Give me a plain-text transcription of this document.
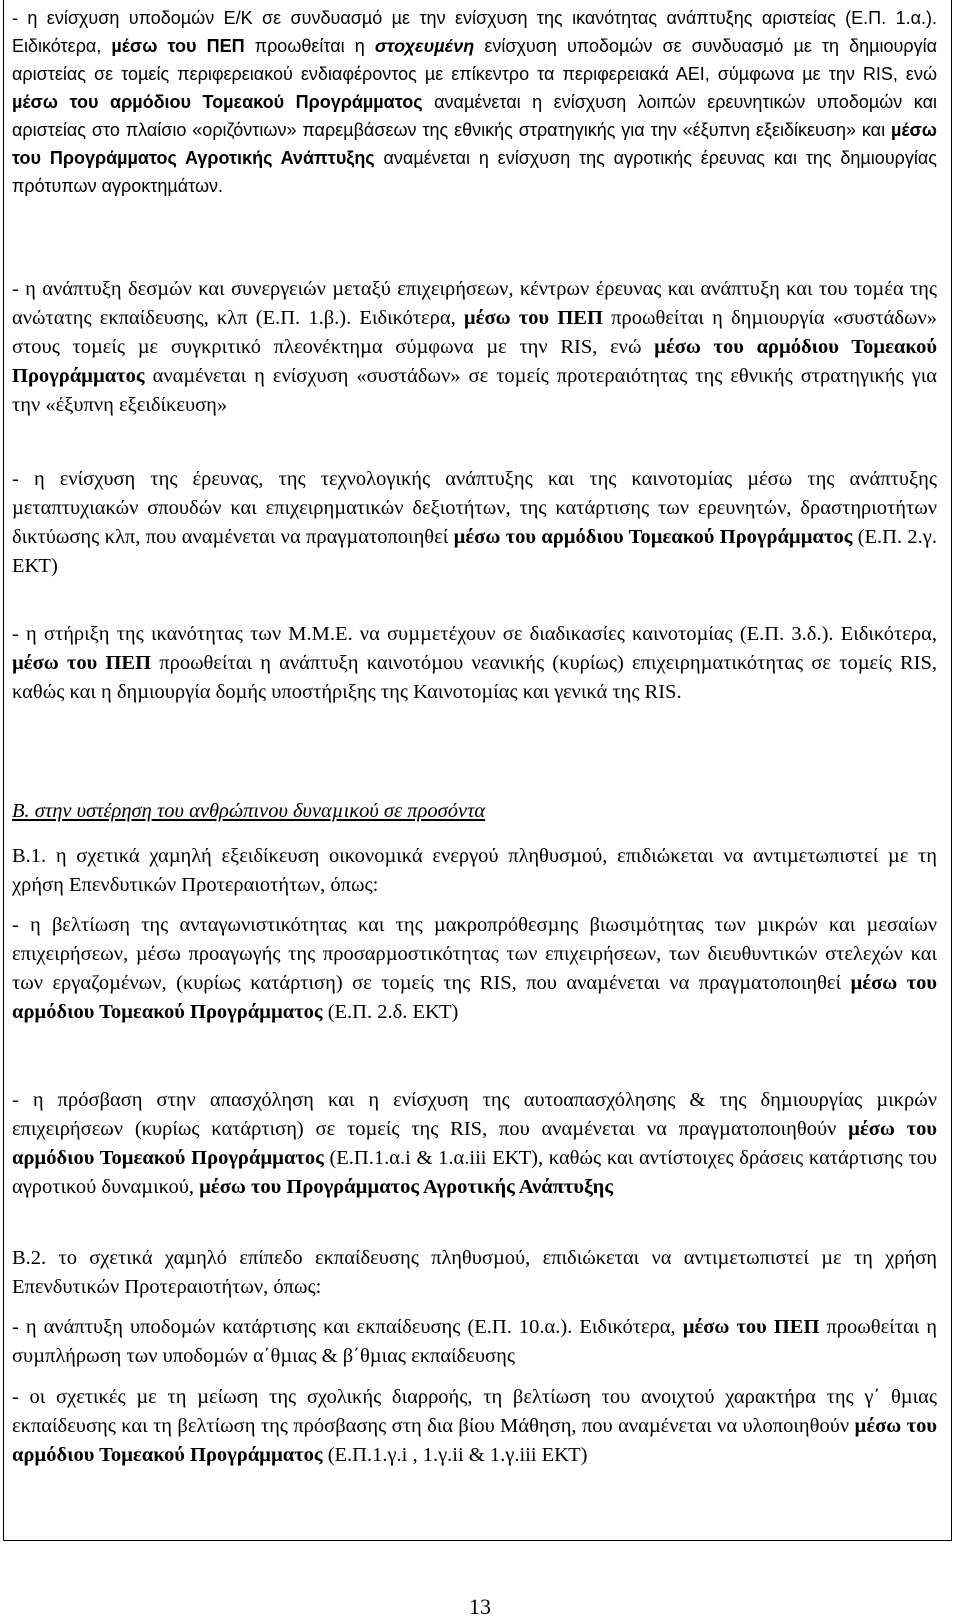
- η ενίσχυση υποδοµών Ε/Κ σε συνδυασµό µε την ενίσχυση της ικανότητας ανάπτυξης αριστείας (Ε.Π. 1.α.). Ειδικότερα, µέσω του ΠΕΠ προωθείται η στοχευµένη ενίσχυση υποδοµών σε συνδυασµό µε τη δηµιουργία αριστείας σε τοµείς περιφερειακού ενδιαφέροντος µε επίκεντρο τα περιφερειακά ΑΕΙ, σύµφωνα µε την RIS, ενώ µέσω του αρµόδιου Τοµεακού Προγράµµατος αναµένεται η ενίσχυση λοιπών ερευνητικών υποδοµών και αριστείας στο πλαίσιο «οριζόντιων» παρεµβάσεων της εθνικής στρατηγικής για την «έξυπνη εξειδίκευση» και µέσω του Προγράµµατος Αγροτικής Ανάπτυξης αναµένεται η ενίσχυση της αγροτικής έρευνας και της δηµιουργίας πρότυπων αγροκτηµάτων.

- η ανάπτυξη δεσµών και συνεργειών µεταξύ επιχειρήσεων, κέντρων έρευνας και ανάπτυξη και του τοµέα της ανώτατης εκπαίδευσης, κλπ (Ε.Π. 1.β.). Ειδικότερα, µέσω του ΠΕΠ προωθείται η δηµιουργία «συστάδων» στους τοµείς µε συγκριτικό πλεονέκτηµα σύµφωνα µε την RIS, ενώ µέσω του αρµόδιου Τοµεακού Προγράµµατος αναµένεται η ενίσχυση «συστάδων» σε τοµείς προτεραιότητας της εθνικής στρατηγικής για την «έξυπνη εξειδίκευση»

- η ενίσχυση της έρευνας, της τεχνολογικής ανάπτυξης και της καινοτοµίας µέσω της ανάπτυξης µεταπτυχιακών σπουδών και επιχειρηµατικών δεξιοτήτων, της κατάρτισης των ερευνητών, δραστηριοτήτων δικτύωσης κλπ, που αναµένεται να πραγµατοποιηθεί µέσω του αρµόδιου Τοµεακού Προγράµµατος (Ε.Π. 2.γ. ΕΚΤ)

- η στήριξη της ικανότητας των Μ.Μ.Ε. να συµµετέχουν σε διαδικασίες καινοτοµίας (Ε.Π. 3.δ.). Ειδικότερα, µέσω του ΠΕΠ προωθείται η ανάπτυξη καινοτόµου νεανικής (κυρίως) επιχειρηµατικότητας σε τοµείς RIS, καθώς και η δηµιουργία δοµής υποστήριξης της Καινοτοµίας και γενικά της RIS.

Β. στην υστέρηση του ανθρώπινου δυναµικού σε προσόντα

Β.1. η σχετικά χαµηλή εξειδίκευση οικονοµικά ενεργού πληθυσµού, επιδιώκεται να αντιµετωπιστεί µε τη χρήση Επενδυτικών Προτεραιοτήτων, όπως:

- η βελτίωση της ανταγωνιστικότητας και της µακροπρόθεσµης βιωσιµότητας των µικρών και µεσαίων επιχειρήσεων, µέσω προαγωγής της προσαρµοστικότητας των επιχειρήσεων, των διευθυντικών στελεχών και των εργαζοµένων, (κυρίως κατάρτιση) σε τοµείς της RIS, που αναµένεται να πραγµατοποιηθεί µέσω του αρµόδιου Τοµεακού Προγράµµατος (Ε.Π. 2.δ. ΕΚΤ)

- η πρόσβαση στην απασχόληση και η ενίσχυση της αυτοαπασχόλησης & της δηµιουργίας µικρών επιχειρήσεων (κυρίως κατάρτιση) σε τοµείς της RIS, που αναµένεται να πραγµατοποιηθούν µέσω του αρµόδιου Τοµεακού Προγράµµατος (Ε.Π.1.α.i & 1.α.iii ΕΚΤ), καθώς και αντίστοιχες δράσεις κατάρτισης του αγροτικού δυναµικού, µέσω του Προγράµµατος Αγροτικής Ανάπτυξης

Β.2. το σχετικά χαµηλό επίπεδο εκπαίδευσης πληθυσµού, επιδιώκεται να αντιµετωπιστεί µε τη χρήση Επενδυτικών Προτεραιοτήτων, όπως:

- η ανάπτυξη υποδοµών κατάρτισης και εκπαίδευσης (Ε.Π. 10.α.). Ειδικότερα, µέσω του ΠΕΠ προωθείται η συµπλήρωση των υποδοµών α΄θµιας & β΄θµιας εκπαίδευσης

- οι σχετικές µε τη µείωση της σχολικής διαρροής, τη βελτίωση του ανοιχτού χαρακτήρα της γ΄ θµιας εκπαίδευσης και τη βελτίωση της πρόσβασης στη δια βίου Μάθηση, που αναµένεται να υλοποιηθούν µέσω του αρµόδιου Τοµεακού Προγράµµατος (Ε.Π.1.γ.i , 1.γ.ii & 1.γ.iii ΕΚΤ)

13
